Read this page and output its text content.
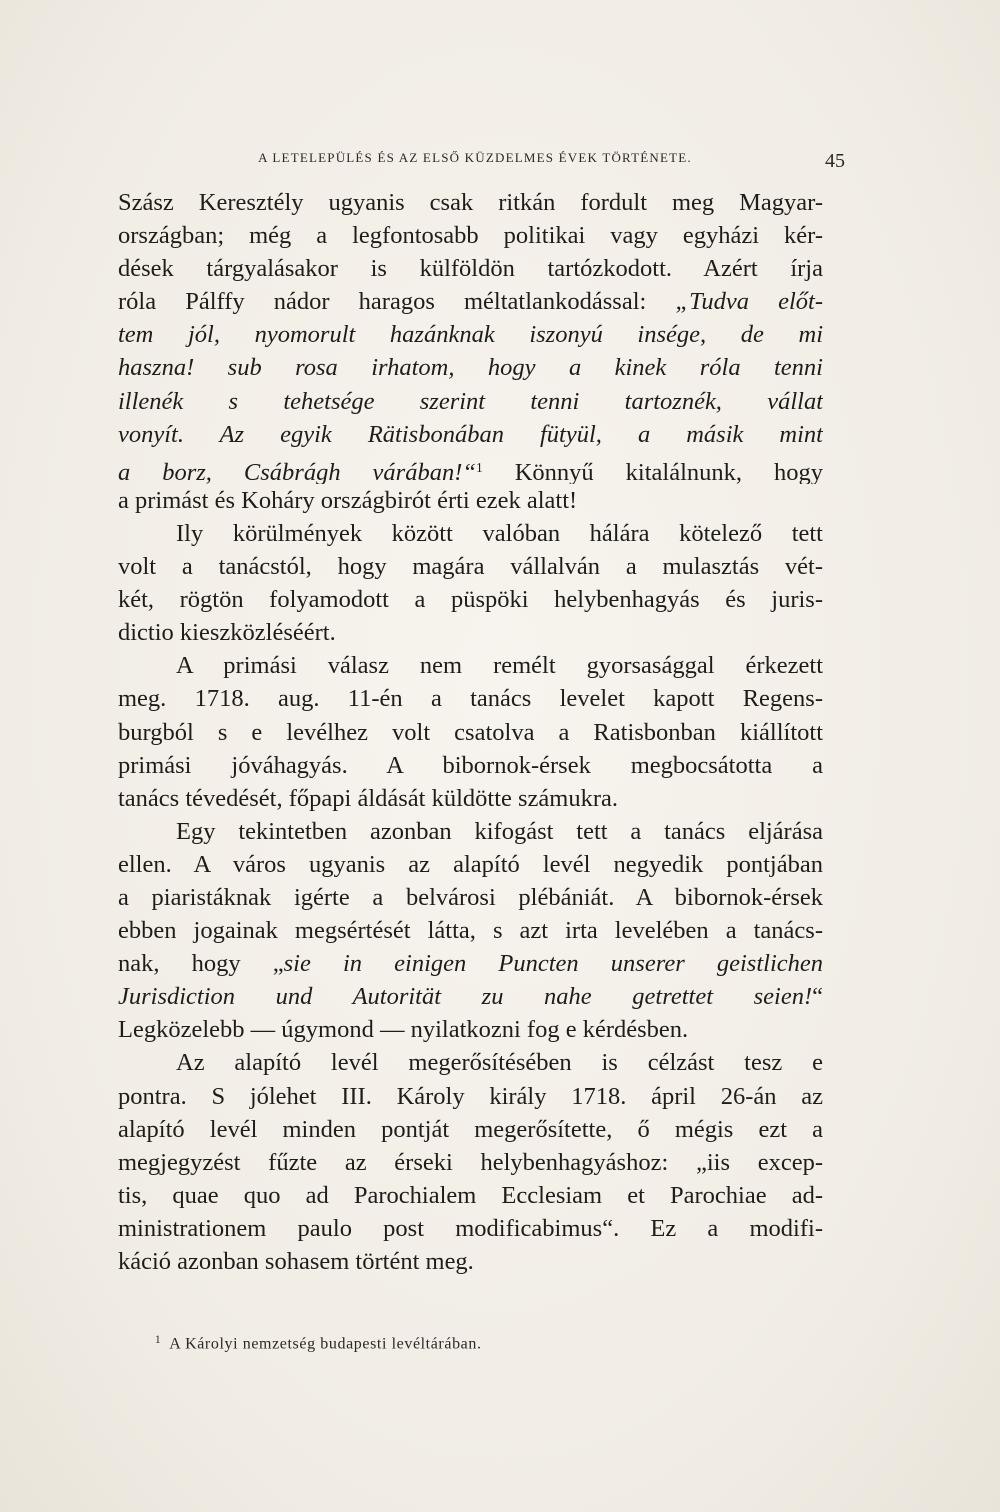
A LETELEPÜLÉS ÉS AZ ELSŐ KÜZDELMES ÉVEK TÖRTÉNETE.	45
Szász Keresztély ugyanis csak ritkán fordult meg Magyar-
országban; még a legfontosabb politikai vagy egyházi kér-
dések tárgyalásakor is külföldön tartózkodott. Azért írja
róla Pálffy nádor haragos méltatlankodással: „Tudva előt-
tem jól, nyomorult hazánknak iszonyú insége, de mi
haszna! sub rosa irhatom, hogy a kinek róla tenni
illenék s tehetsége szerint tenni tartoznék, vállat
vonyít. Az egyik Rätisbonában fütyül, a másik mint
a borz, Csábrágh várában!“$^1$ Könnyű kitalálnunk, hogy
a primást és Koháry országbirót érti ezek alatt!
Ily körülmények között valóban hálára kötelező tett
volt a tanácstól, hogy magára vállalván a mulasztás vét-
két, rögtön folyamodott a püspöki helybenhagyás és juris-
dictio kieszközléséért.
A primási válasz nem remélt gyorsasággal érkezett
meg. 1718. aug. 11-én a tanács levelet kapott Regens-
burgból s e levélhez volt csatolva a Ratisbonban kiállított
primási jóváhagyás. A bibornok-érsek megbocsátotta a
tanács tévedését, főpapi áldását küldötte számukra.
Egy tekintetben azonban kifogást tett a tanács eljárása
ellen. A város ugyanis az alapító levél negyedik pontjában
a piaristáknak igérte a belvárosi plébániát. A bibornok-érsek
ebben jogainak megsértését látta, s azt irta levelében a tanács-
nak, hogy „sie in einigen Puncten unserer geistlichen
Jurisdiction und Autorität zu nahe getrettet seien!“
Legközelebb — úgymond — nyilatkozni fog e kérdésben.
Az alapító levél megerősítésében is célzást tesz e
pontra. S jólehet III. Károly király 1718. ápril 26-án az
alapító levél minden pontját megerősítette, ő mégis ezt a
megjegyzést fűzte az érseki helybenhagyáshoz: „iis excep-
tis, quae quo ad Parochialem Ecclesiam et Parochiae ad-
ministrationem paulo post modificabimus“. Ez a modifi-
káció azonban sohasem történt meg.
$^1$ A Károlyi nemzetség budapesti levéltárában.
